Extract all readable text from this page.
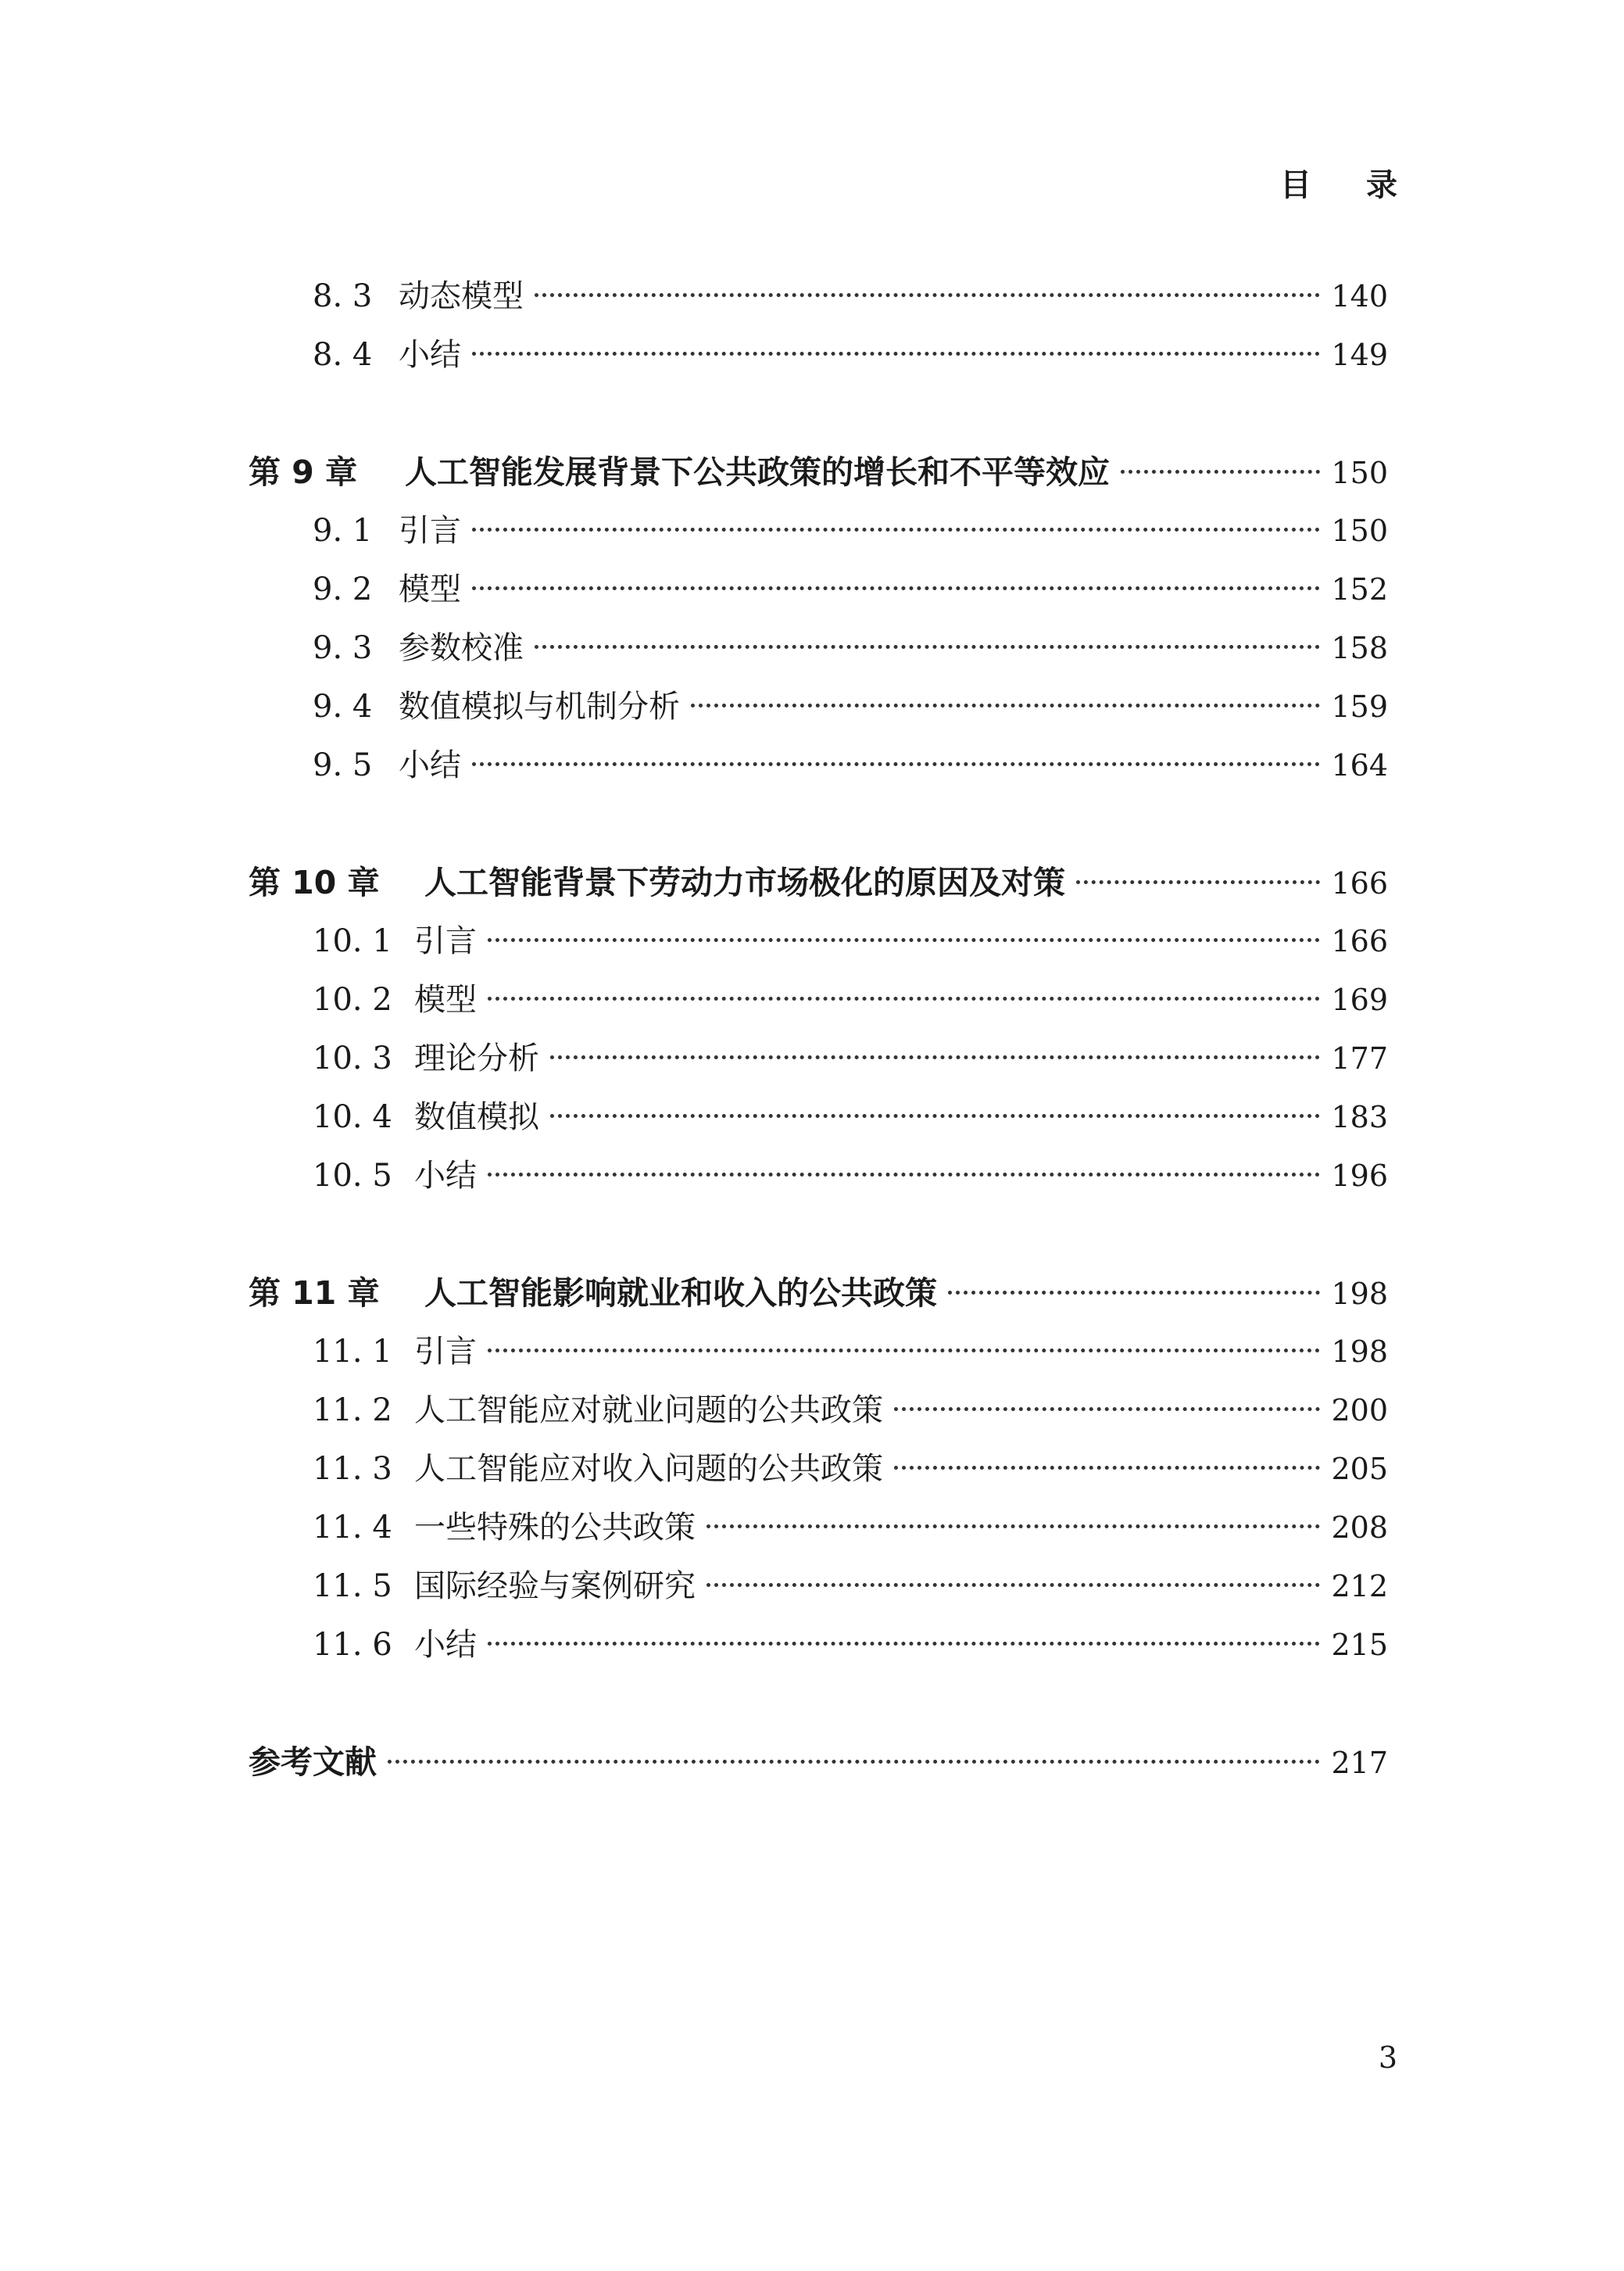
目 录
8. 3 动态模型	140
8. 4 小结	149
第 9 章	人工智能发展背景下公共政策的增长和不平等效应	150
9. 1 引言	150
9. 2 模型	152
9. 3 参数校准	158
9. 4 数值模拟与机制分析	159
9. 5 小结	164
第 10 章	人工智能背景下劳动力市场极化的原因及对策	166
10. 1 引言	166
10. 2 模型	169
10. 3 理论分析	177
10. 4 数值模拟	183
10. 5 小结	196
第 11 章	人工智能影响就业和收入的公共政策	198
11. 1 引言	198
11. 2 人工智能应对就业问题的公共政策	200
11. 3 人工智能应对收入问题的公共政策	205
11. 4 一些特殊的公共政策	208
11. 5 国际经验与案例研究	212
11. 6 小结	215
参考文献	217
3
